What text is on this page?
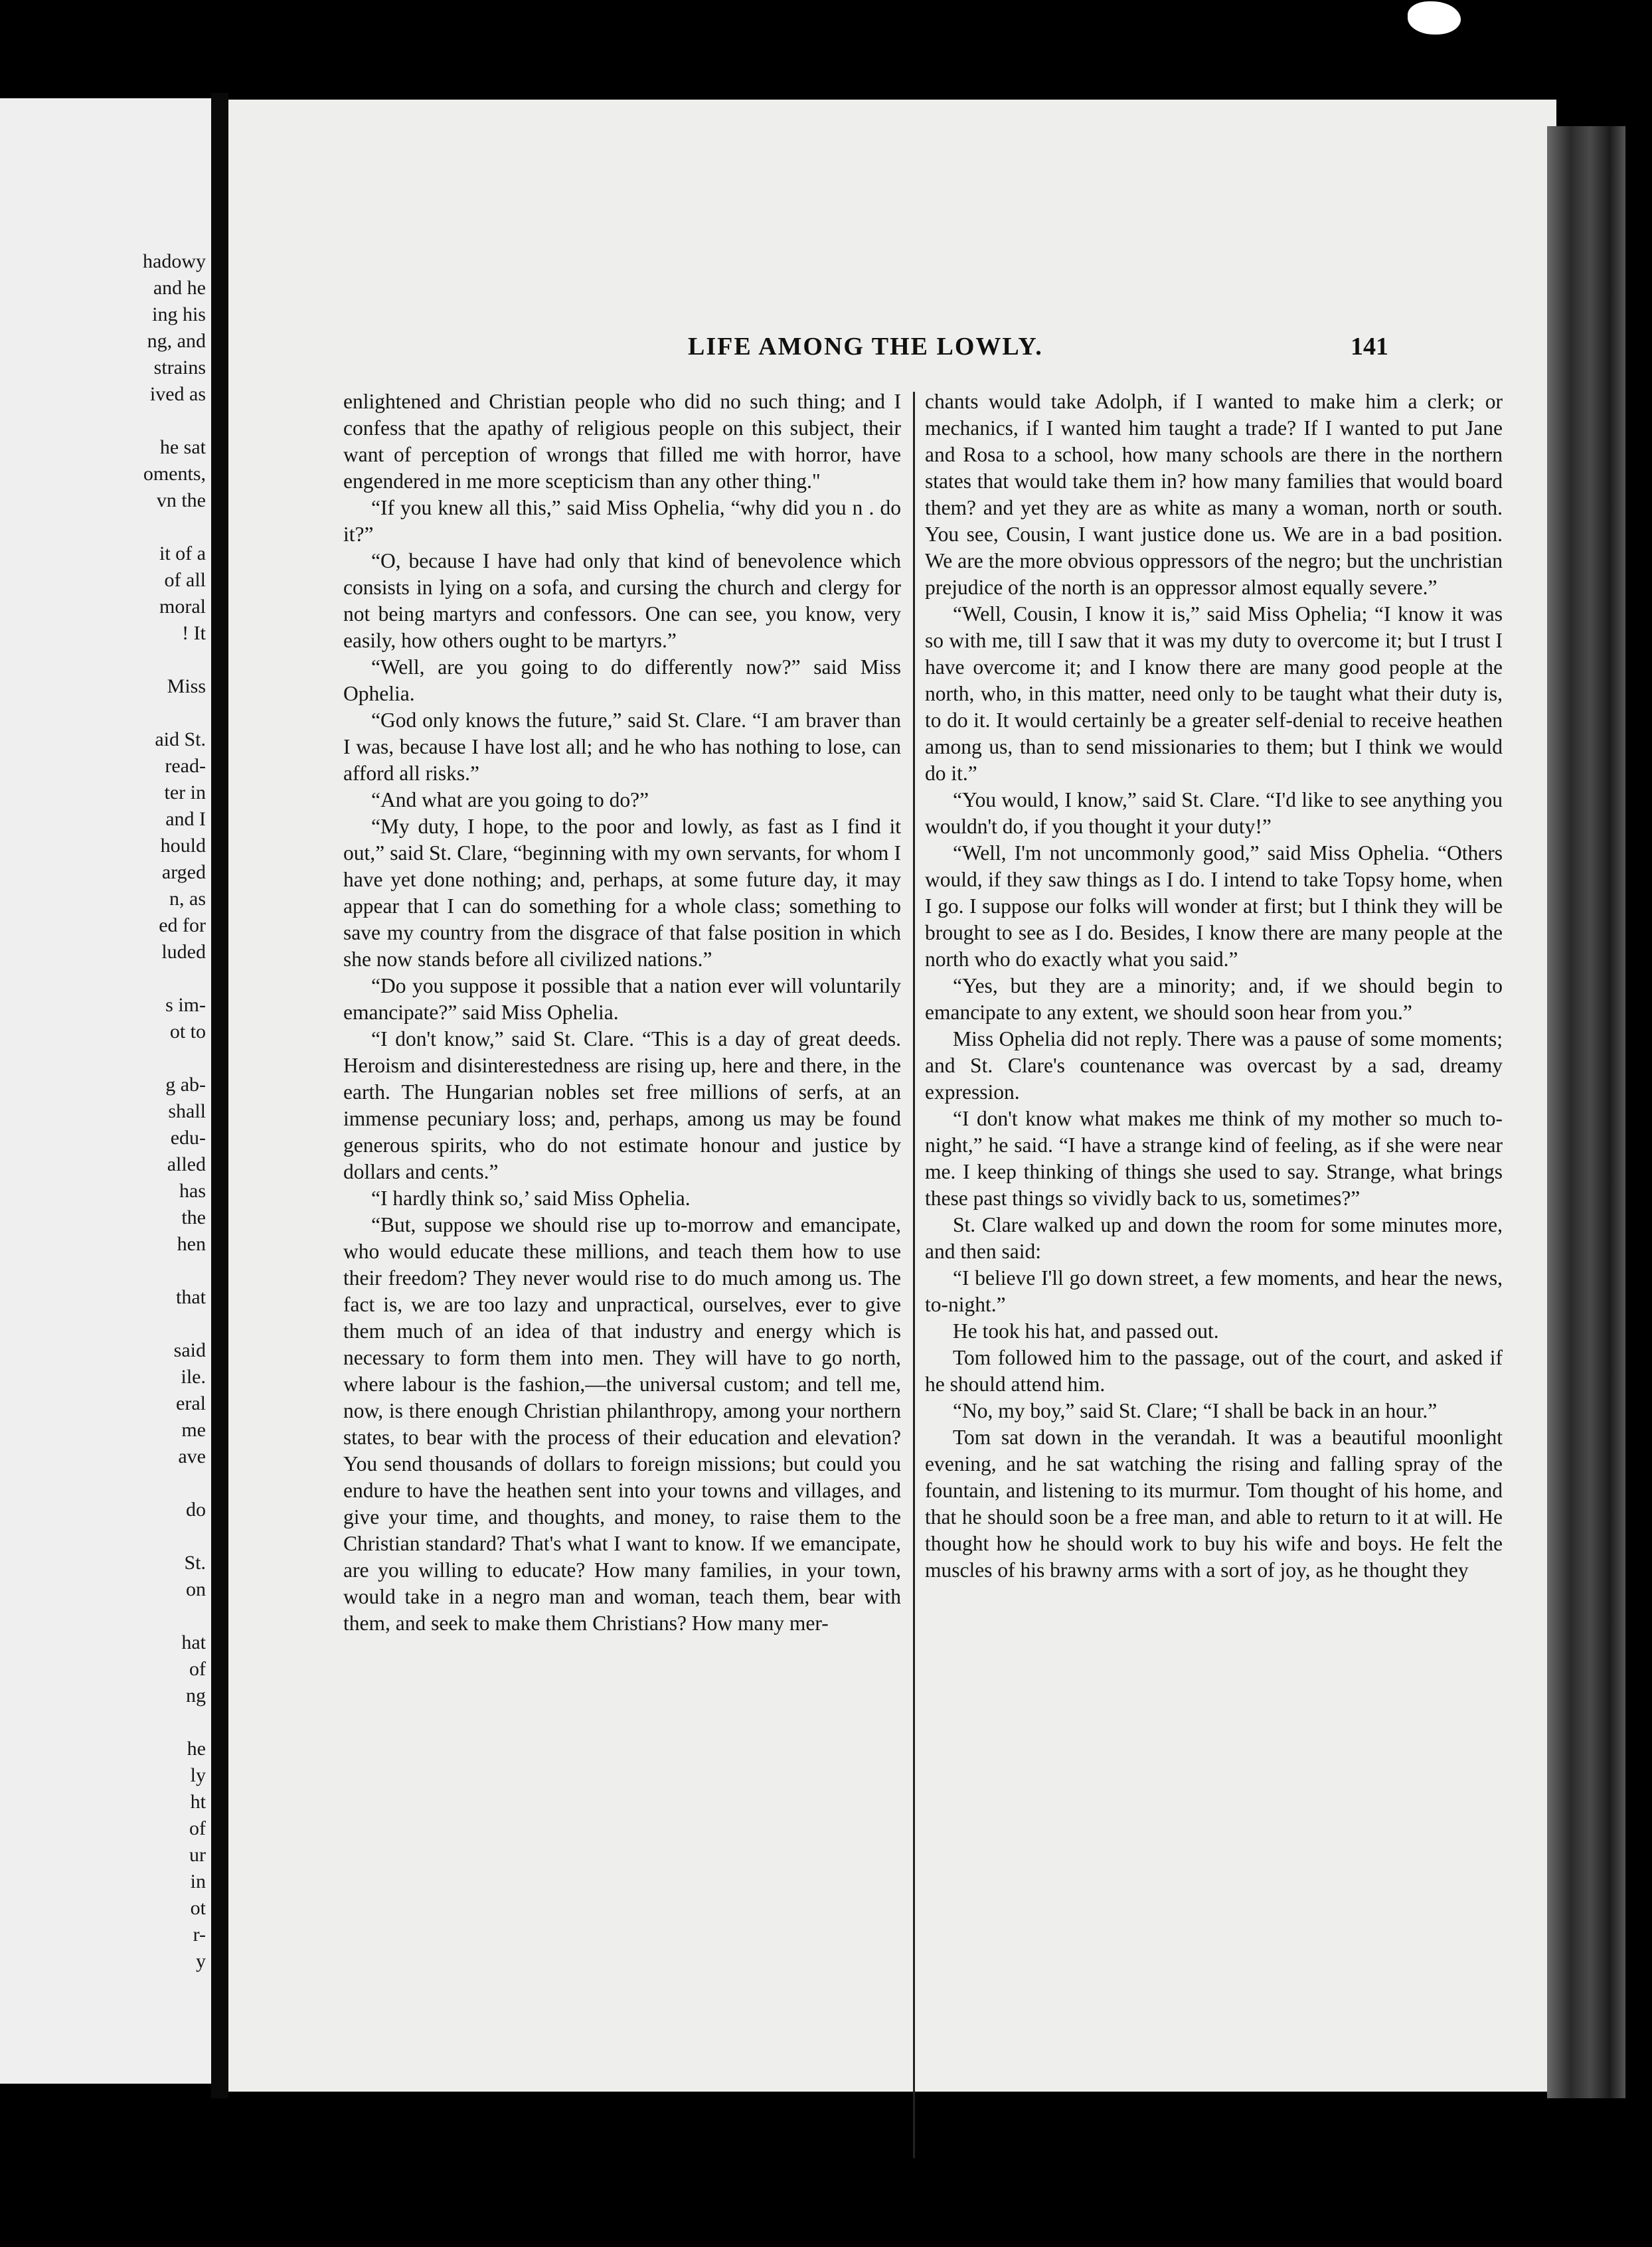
hadowy
and he
ing his
ng, and
strains
ived as
he sat
oments,
vn the
it of a
of all
moral
! It
Miss
aid St.
read-
ter in
and I
hould
arged
n, as
ed for
luded
s im-
ot to
g ab-
shall
edu-
alled
has
the
hen
that
said
ile.
eral
me
ave
do
St.
on
hat
of
ng
he
ly
ht
of
ur
in
ot
r-
y
LIFE AMONG THE LOWLY.	141

enlightened and Christian people who did no such thing; and I confess that the apathy of religious people on this subject, their want of perception of wrongs that filled me with horror, have engendered in me more scepticism than any other thing."

“If you knew all this,” said Miss Ophelia, “why did you n . do it?”

“O, because I have had only that kind of benevolence which consists in lying on a sofa, and cursing the church and clergy for not being martyrs and confessors. One can see, you know, very easily, how others ought to be martyrs.”

“Well, are you going to do differently now?” said Miss Ophelia.

“God only knows the future,” said St. Clare. “I am braver than I was, because I have lost all; and he who has nothing to lose, can afford all risks.”

“And what are you going to do?”

“My duty, I hope, to the poor and lowly, as fast as I find it out,” said St. Clare, “beginning with my own servants, for whom I have yet done nothing; and, perhaps, at some future day, it may appear that I can do something for a whole class; something to save my country from the disgrace of that false position in which she now stands before all civilized nations.”

“Do you suppose it possible that a nation ever will voluntarily emancipate?” said Miss Ophelia.

“I don't know,” said St. Clare. “This is a day of great deeds. Heroism and disinterestedness are rising up, here and there, in the earth. The Hungarian nobles set free millions of serfs, at an immense pecuniary loss; and, perhaps, among us may be found generous spirits, who do not estimate honour and justice by dollars and cents.”

“I hardly think so,’ said Miss Ophelia.

“But, suppose we should rise up to-morrow and emancipate, who would educate these millions, and teach them how to use their freedom? They never would rise to do much among us. The fact is, we are too lazy and unpractical, ourselves, ever to give them much of an idea of that industry and energy which is necessary to form them into men. They will have to go north, where labour is the fashion,—the universal custom; and tell me, now, is there enough Christian philanthropy, among your northern states, to bear with the process of their education and elevation? You send thousands of dollars to foreign missions; but could you endure to have the heathen sent into your towns and villages, and give your time, and thoughts, and money, to raise them to the Christian standard? That's what I want to know. If we emancipate, are you willing to educate? How many families, in your town, would take in a negro man and woman, teach them, bear with them, and seek to make them Christians? How many mer-

chants would take Adolph, if I wanted to make him a clerk; or mechanics, if I wanted him taught a trade? If I wanted to put Jane and Rosa to a school, how many schools are there in the northern states that would take them in? how many families that would board them? and yet they are as white as many a woman, north or south. You see, Cousin, I want justice done us. We are in a bad position. We are the more obvious oppressors of the negro; but the unchristian prejudice of the north is an oppressor almost equally severe.”

“Well, Cousin, I know it is,” said Miss Ophelia; “I know it was so with me, till I saw that it was my duty to overcome it; but I trust I have overcome it; and I know there are many good people at the north, who, in this matter, need only to be taught what their duty is, to do it. It would certainly be a greater self-denial to receive heathen among us, than to send missionaries to them; but I think we would do it.”

“You would, I know,” said St. Clare. “I'd like to see anything you wouldn't do, if you thought it your duty!”

“Well, I'm not uncommonly good,” said Miss Ophelia. “Others would, if they saw things as I do. I intend to take Topsy home, when I go. I suppose our folks will wonder at first; but I think they will be brought to see as I do. Besides, I know there are many people at the north who do exactly what you said.”

“Yes, but they are a minority; and, if we should begin to emancipate to any extent, we should soon hear from you.”

Miss Ophelia did not reply. There was a pause of some moments; and St. Clare's countenance was overcast by a sad, dreamy expression.

“I don't know what makes me think of my mother so much to-night,” he said. “I have a strange kind of feeling, as if she were near me. I keep thinking of things she used to say. Strange, what brings these past things so vividly back to us, sometimes?”

St. Clare walked up and down the room for some minutes more, and then said:

“I believe I'll go down street, a few moments, and hear the news, to-night.”

He took his hat, and passed out.

Tom followed him to the passage, out of the court, and asked if he should attend him.

“No, my boy,” said St. Clare; “I shall be back in an hour.”

Tom sat down in the verandah. It was a beautiful moonlight evening, and he sat watching the rising and falling spray of the fountain, and listening to its murmur. Tom thought of his home, and that he should soon be a free man, and able to return to it at will. He thought how he should work to buy his wife and boys. He felt the muscles of his brawny arms with a sort of joy, as he thought they
